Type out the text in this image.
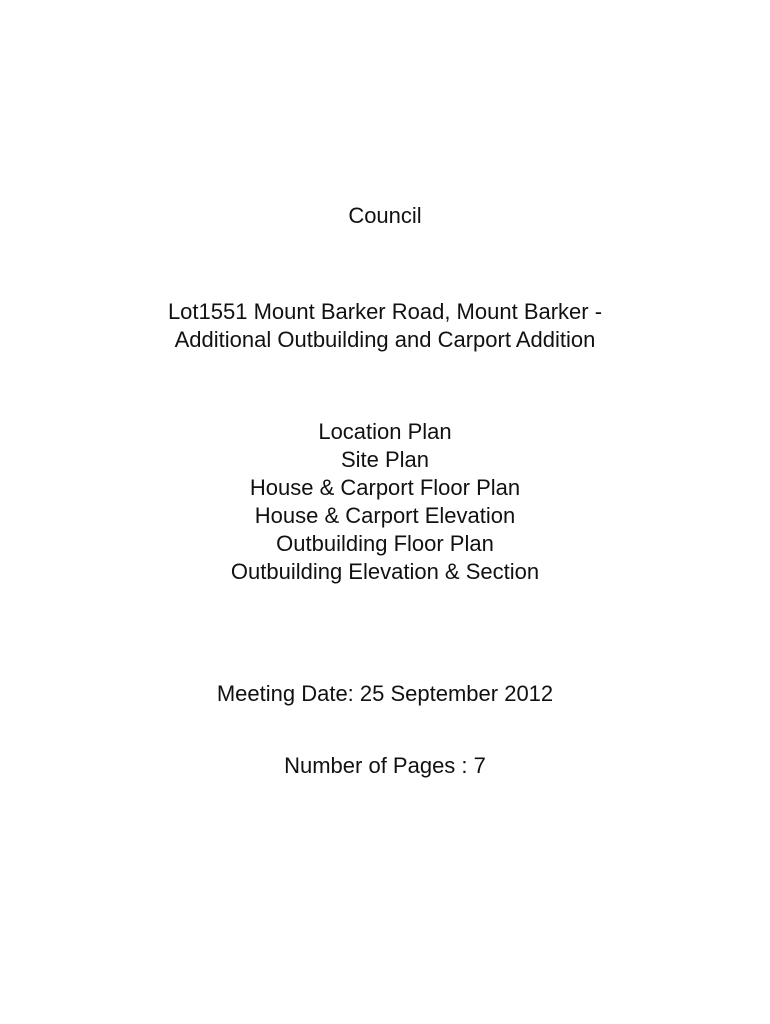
Council
Lot1551 Mount Barker Road, Mount Barker -
Additional Outbuilding and Carport Addition
Location Plan
Site Plan
House & Carport Floor Plan
House & Carport Elevation
Outbuilding Floor Plan
Outbuilding Elevation & Section
Meeting Date: 25 September 2012
Number of Pages : 7
